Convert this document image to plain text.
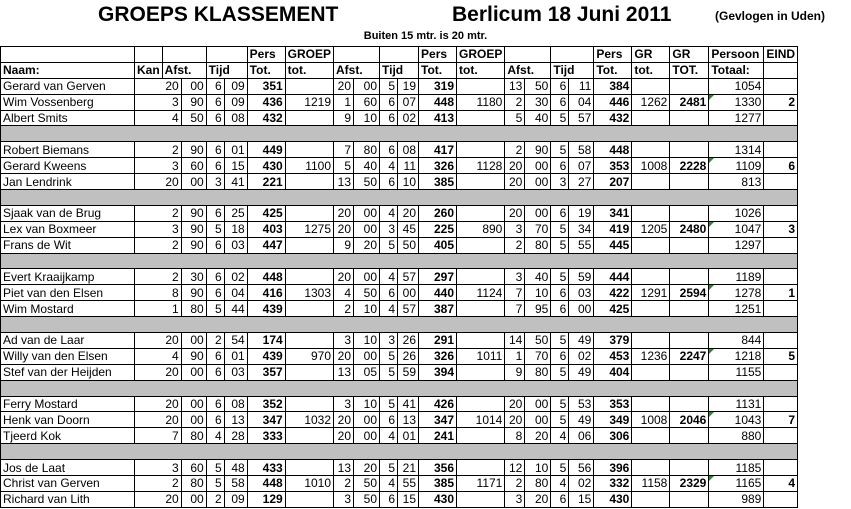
GROEPS KLASSEMENT	Berlicum 18 Juni 2011	(Gevlogen in Uden)
Buiten 15 mtr. is 20 mtr.
						Pers	GROEP					Pers	GROEP					Pers	GR	GR	Persoon	EIND
Naam:	Kan	Afst.		Tijd		Tot.	tot.	Afst.		Tijd		Tot.	tot.	Afst.		Tijd		Tot.	tot.	TOT.	Totaal:	
Gerard van Gerven	20		00	6	09	351		20	00	5	19	319		13	50	6	11	384			1054	
Wim Vossenberg	3		90	6	09	436	1219	1	60	6	07	448	1180	2	30	6	04	446	1262	2481	1330	2
Albert Smits	4		50	6	08	432		9	10	6	02	413		5	40	5	57	432			1277	

Robert Biemans	2		90	6	01	449		7	80	6	08	417		2	90	5	58	448			1314	
Gerard Kweens	3		60	6	15	430	1100	5	40	4	11	326	1128	20	00	6	07	353	1008	2228	1109	6
Jan Lendrink	20		00	3	41	221		13	50	6	10	385		20	00	3	27	207			813	

Sjaak van de Brug	2		90	6	25	425		20	00	4	20	260		20	00	6	19	341			1026	
Lex van Boxmeer	3		90	5	18	403	1275	20	00	3	45	225	890	3	70	5	34	419	1205	2480	1047	3
Frans de Wit	2		90	6	03	447		9	20	5	50	405		2	80	5	55	445			1297	

Evert Kraaijkamp	2		30	6	02	448		20	00	4	57	297		3	40	5	59	444			1189	
Piet van den Elsen	8		90	6	04	416	1303	4	50	6	00	440	1124	7	10	6	03	422	1291	2594	1278	1
Wim Mostard	1		80	5	44	439		2	10	4	57	387		7	95	6	00	425			1251	

Ad van de Laar	20		00	2	54	174		3	10	3	26	291		14	50	5	49	379			844	
Willy van den Elsen	4		90	6	01	439	970	20	00	5	26	326	1011	1	70	6	02	453	1236	2247	1218	5
Stef van der Heijden	20		00	6	03	357		13	05	5	59	394		9	80	5	49	404			1155	

Ferry Mostard	20		00	6	08	352		3	10	5	41	426		20	00	5	53	353			1131	
Henk van Doorn	20		00	6	13	347	1032	20	00	6	13	347	1014	20	00	5	49	349	1008	2046	1043	7
Tjeerd Kok	7		80	4	28	333		20	00	4	01	241		8	20	4	06	306			880	

Jos de Laat	3		60	5	48	433		13	20	5	21	356		12	10	5	56	396			1185	
Christ van Gerven	2		80	5	58	448	1010	2	50	4	55	385	1171	2	80	4	02	332	1158	2329	1165	4
Richard van Lith	20		00	2	09	129		3	50	6	15	430		3	20	6	15	430			989	
